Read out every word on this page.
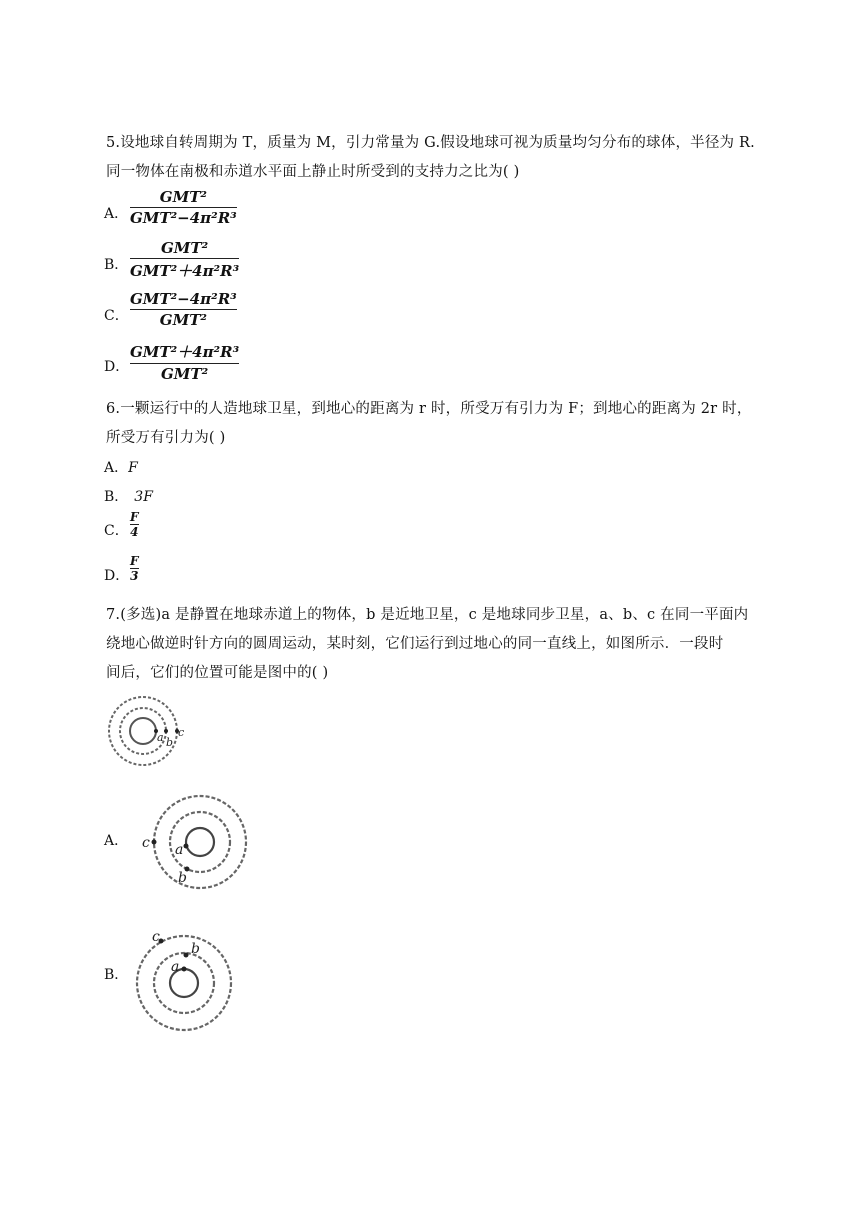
5.设地球自转周期为 T，质量为 M，引力常量为 G.假设地球可视为质量均匀分布的球体，半径为 R.
同一物体在南极和赤道水平面上静止时所受到的支持力之比为( )
A．
GMT²
GMT²−4π²R³
B．
GMT²
GMT²＋4π²R³
C．
GMT²−4π²R³
GMT²
D．
GMT²＋4π²R³
GMT²
6.一颗运行中的人造地球卫星，到地心的距离为 r 时，所受万有引力为 F；到地心的距离为 2r 时，
所受万有引力为( )
A．F
B． 3F
C．
F
4
D．
F
3
7.(多选)a 是静置在地球赤道上的物体，b 是近地卫星，c 是地球同步卫星，a、b、c 在同一平面内
绕地心做逆时针方向的圆周运动，某时刻，它们运行到过地心的同一直线上，如图所示．一段时
间后，它们的位置可能是图中的( )
a b
c
A． c a
b
B．
c
b
a
